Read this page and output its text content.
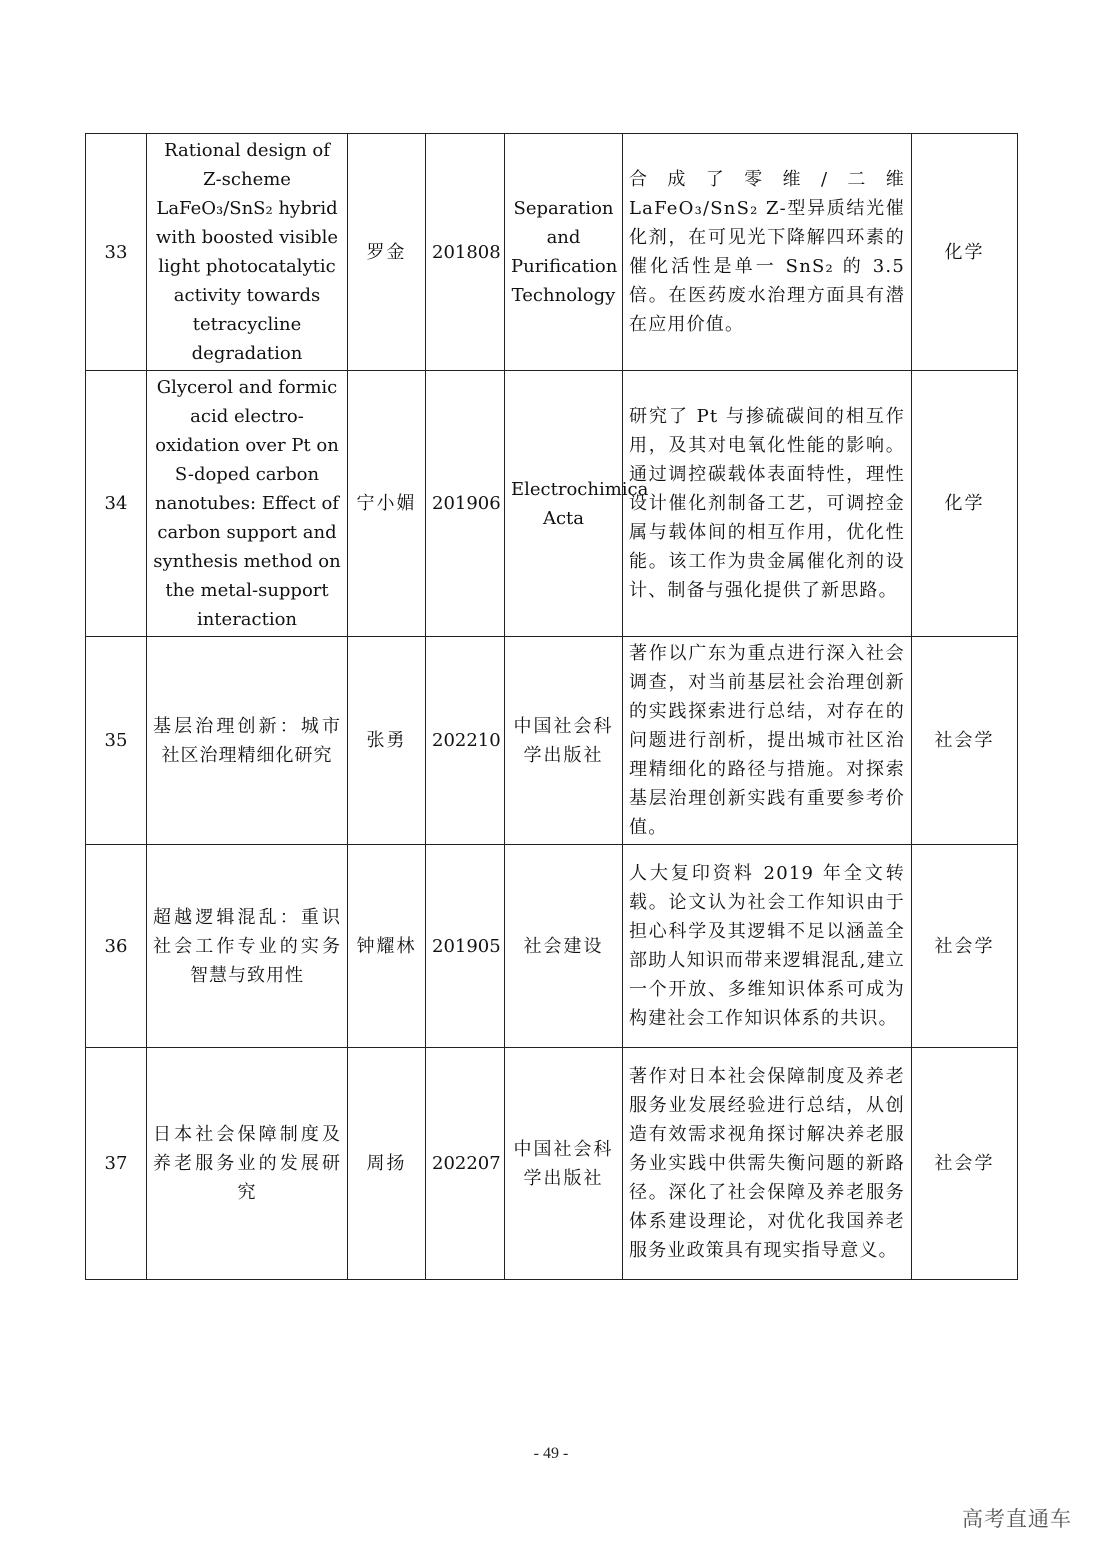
33	Rational design of Z-scheme LaFeO₃/SnS₂ hybrid with boosted visible light photocatalytic activity towards tetracycline degradation	罗金	201808	Separation and Purification Technology	合成了零维/二维 LaFeO₃/SnS₂ Z-型异质结光催化剂，在可见光下降解四环素的催化活性是单一 SnS₂ 的 3.5 倍。在医药废水治理方面具有潜在应用价值。	化学
34	Glycerol and formic acid electro-oxidation over Pt on S-doped carbon nanotubes: Effect of carbon support and synthesis method on the metal-support interaction	宁小媚	201906	Electrochimica Acta	研究了 Pt 与掺硫碳间的相互作用，及其对电氧化性能的影响。通过调控碳载体表面特性，理性设计催化剂制备工艺，可调控金属与载体间的相互作用，优化性能。该工作为贵金属催化剂的设计、制备与强化提供了新思路。	化学
35	基层治理创新：城市社区治理精细化研究	张勇	202210	中国社会科学出版社	著作以广东为重点进行深入社会调查，对当前基层社会治理创新的实践探索进行总结，对存在的问题进行剖析，提出城市社区治理精细化的路径与措施。对探索基层治理创新实践有重要参考价值。	社会学
36	超越逻辑混乱：重识社会工作专业的实务智慧与致用性	钟耀林	201905	社会建设	人大复印资料 2019 年全文转载。论文认为社会工作知识由于担心科学及其逻辑不足以涵盖全部助人知识而带来逻辑混乱,建立一个开放、多维知识体系可成为构建社会工作知识体系的共识。	社会学
37	日本社会保障制度及养老服务业的发展研究	周扬	202207	中国社会科学出版社	著作对日本社会保障制度及养老服务业发展经验进行总结，从创造有效需求视角探讨解决养老服务业实践中供需失衡问题的新路径。深化了社会保障及养老服务体系建设理论，对优化我国养老服务业政策具有现实指导意义。	社会学
- 49 -
高考直通车
